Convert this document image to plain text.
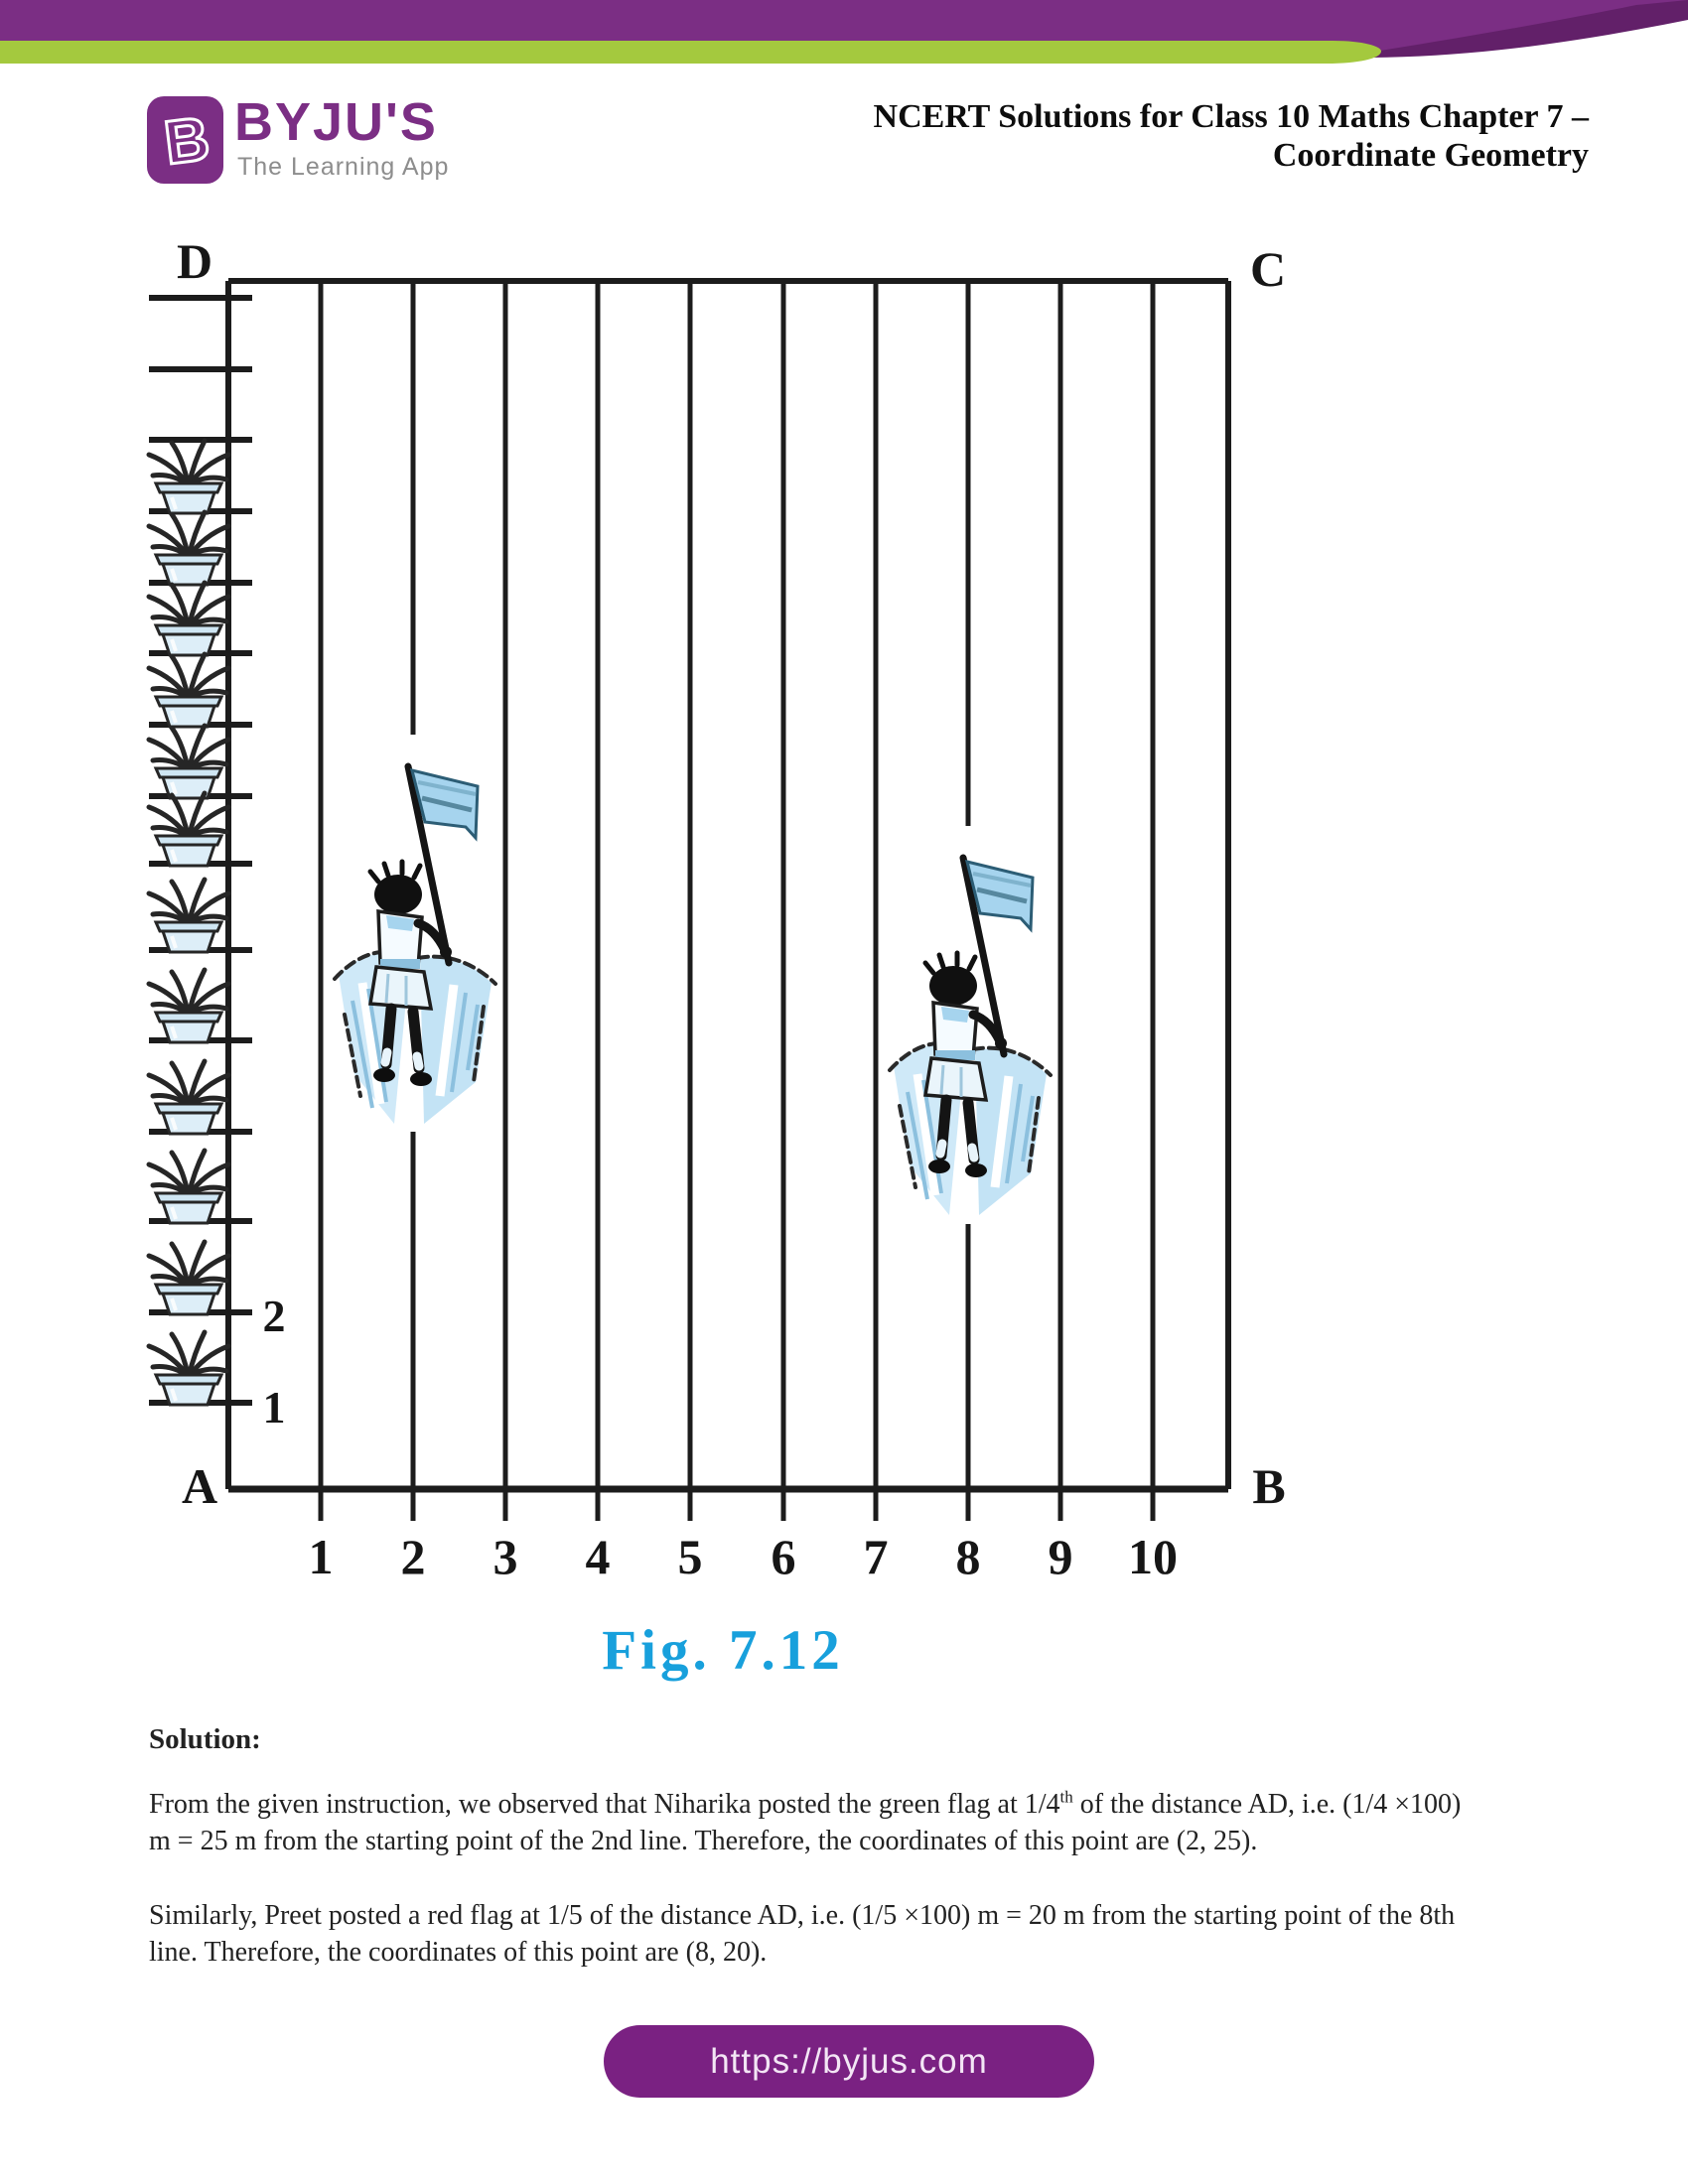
B BYJU'S
The Learning App
NCERT Solutions for Class 10 Maths Chapter 7 –
Coordinate Geometry
D	C
A	B
2
1
1 2 3 4 5 6 7 8 9 10
Fig. 7.12

Solution:

From the given instruction, we observed that Niharika posted the green flag at 1/4th of the distance AD, i.e. (1/4 ×100)
m = 25 m from the starting point of the 2nd line. Therefore, the coordinates of this point are (2, 25).

Similarly, Preet posted a red flag at 1/5 of the distance AD, i.e. (1/5 ×100) m = 20 m from the starting point of the 8th
line. Therefore, the coordinates of this point are (8, 20).

https://byjus.com
